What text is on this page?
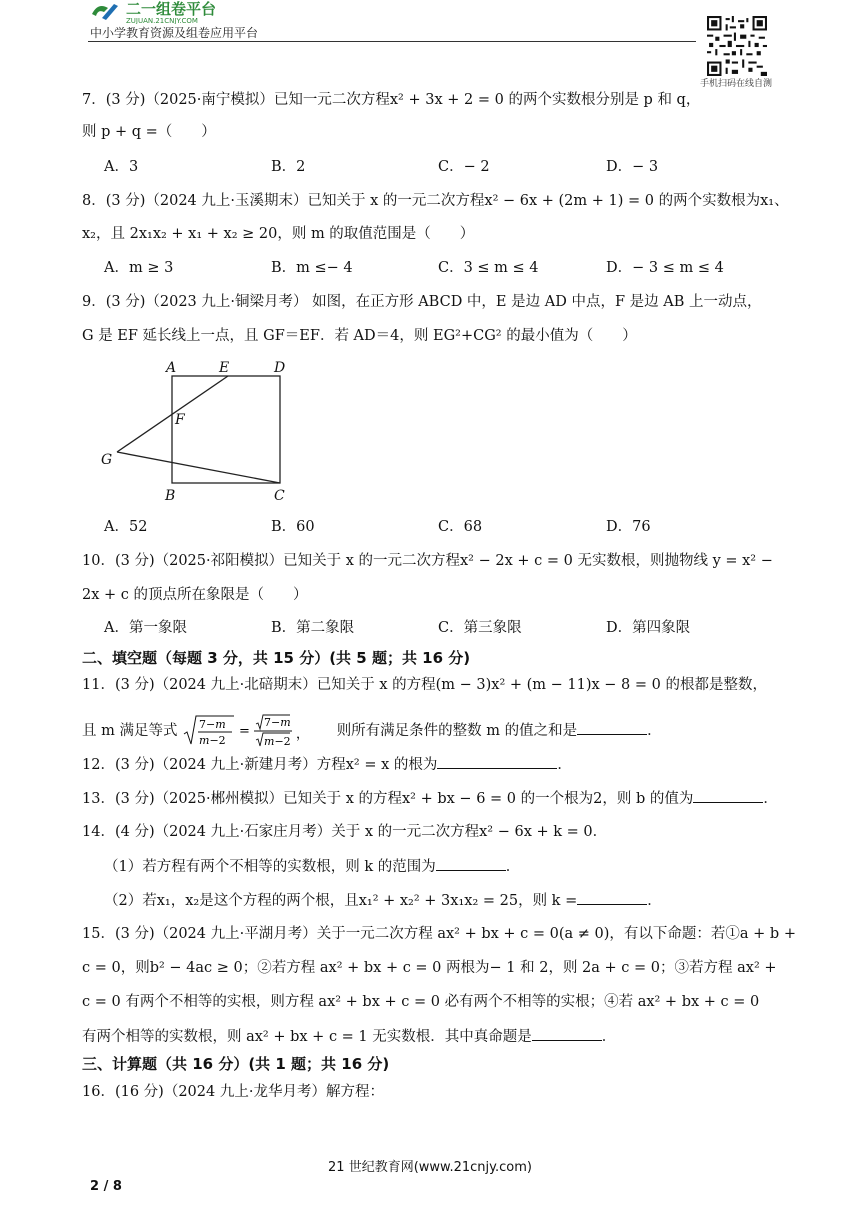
二一组卷平台
ZUJUAN.21CNJY.COM
中小学教育资源及组卷应用平台
手机扫码在线自测
7．(3 分)（2025·南宁模拟）已知一元二次方程x² + 3x + 2 = 0 的两个实数根分别是 p 和 q，
则 p + q =（　　）
A．3	B．2	C．− 2	D．− 3
8．(3 分)（2024 九上·玉溪期末）已知关于 x 的一元二次方程x² − 6x + (2m + 1) = 0 的两个实数根为x₁、
x₂，且 2x₁x₂ + x₁ + x₂ ≥ 20，则 m 的取值范围是（　　）
A．m ≥ 3	B．m ≤− 4	C．3 ≤ m ≤ 4	D．− 3 ≤ m ≤ 4
9．(3 分)（2023 九上·铜梁月考） 如图，在正方形 ABCD 中，E 是边 AD 中点，F 是边 AB 上一动点，
G 是 EF 延长线上一点，且 GF＝EF．若 AD＝4，则 EG²+CG² 的最小值为（　　）
A	E	D
F
G
B	C
A．52	B．60	C．68	D．76
10．(3 分)（2025·祁阳模拟）已知关于 x 的一元二次方程x² − 2x + c = 0 无实数根，则抛物线 y = x² −
2x + c 的顶点所在象限是（　　）
A．第一象限	B．第二象限	C．第三象限	D．第四象限
二、填空题（每题 3 分，共 15 分）(共 5 题；共 16 分)
11．(3 分)（2024 九上·北碚期末）已知关于 x 的方程(m − 3)x² + (m − 11)x − 8 = 0 的根都是整数，
且 m 满足等式 7−m
m−2
=
7−m
m−2 ， 则所有满足条件的整数 m 的值之和是	．
12．(3 分)（2024 九上·新建月考）方程x² = x 的根为	．
13．(3 分)（2025·郴州模拟）已知关于 x 的方程x² + bx − 6 = 0 的一个根为2，则 b 的值为	．
14．(4 分)（2024 九上·石家庄月考）关于 x 的一元二次方程x² − 6x + k = 0．
（1）若方程有两个不相等的实数根，则 k 的范围为	．
（2）若x₁，x₂是这个方程的两个根，且x₁² + x₂² + 3x₁x₂ = 25，则 k =	．
15．(3 分)（2024 九上·平湖月考）关于一元二次方程 ax² + bx + c = 0(a ≠ 0)，有以下命题：若①a + b +
c = 0，则b² − 4ac ≥ 0；②若方程 ax² + bx + c = 0 两根为− 1 和 2，则 2a + c = 0；③若方程 ax² +
c = 0 有两个不相等的实根，则方程 ax² + bx + c = 0 必有两个不相等的实根；④若 ax² + bx + c = 0
有两个相等的实数根，则 ax² + bx + c = 1 无实数根．其中真命题是	．
三、计算题（共 16 分）(共 1 题；共 16 分)
16．(16 分)（2024 九上·龙华月考）解方程：
21 世纪教育网(www.21cnjy.com)
2 / 8
